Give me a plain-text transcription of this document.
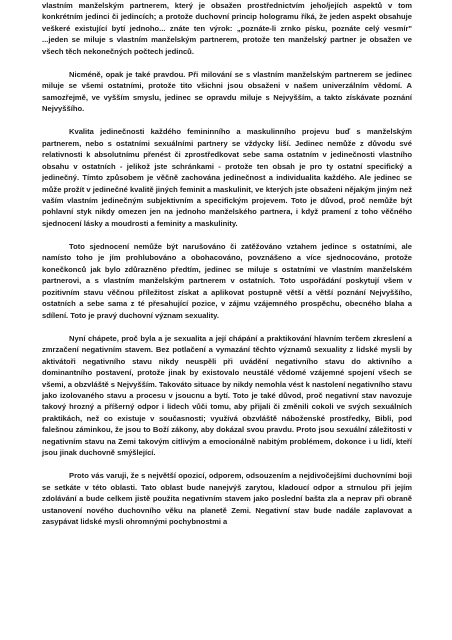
vlastním manželským partnerem, který je obsažen prostřednictvím jeho/jejích aspektů v tom konkrétním jedinci či jedincích; a protože duchovní princip hologramu říká, že jeden aspekt obsahuje veškeré existující bytí jednoho... znáte ten výrok: „poznáte-li zrnko písku, poznáte celý vesmír" ...jeden se miluje s vlastním manželským partnerem, protože ten manželský partner je obsažen ve všech těch nekonečných počtech jedinců.

Nicméně, opak je také pravdou. Při milování se s vlastním manželským partnerem se jedinec miluje se všemi ostatními, protože tito všichni jsou obsaženi v našem univerzálním vědomí. A samozřejmě, ve vyšším smyslu, jedinec se opravdu miluje s Nejvyšším, a takto získávate poznání Nejvyššího.

Kvalita jedinečnosti každého femininního a maskulinního projevu buď s manželským partnerem, nebo s ostatními sexuálními partnery se vždycky liší. Jedinec nemůže z důvodu své relativnosti k absolutnímu přenést či zprostředkovat sebe sama ostatním v jedinečnosti vlastního obsahu v ostatních - jelikož jste schránkami - protože ten obsah je pro ty ostatní specifický a jedinečný. Tímto způsobem je věčně zachována jedinečnost a individualita každého. Ale jedinec se může prožít v jedinečné kvalitě jiných feminit a maskulinit, ve kterých jste obsaženi nějakým jiným než vaším vlastním jedinečným subjektivním a specifickým projevem. Toto je důvod, proč nemůže být pohlavní styk nikdy omezen jen na jednoho manželského partnera, i když pramení z toho věčného sjednocení lásky a moudrosti a feminity a maskulinity.

Toto sjednocení nemůže být narušováno či zatěžováno vztahem jedince s ostatními, ale namísto toho je jím prohlubováno a obohacováno, povznášeno a více sjednocováno, protože konečkonců jak bylo zdůrazněno předtím, jedinec se miluje s ostatními ve vlastním manželském partnerovi, a s vlastním manželským partnerem v ostatních. Toto uspořádání poskytují všem v pozitivním stavu věčnou příležitost získat a aplikovat postupně větší a větší poznání Nejvyššího, ostatních a sebe sama z té přesahující pozice, v zájmu vzájemného prospěchu, obecného blaha a sdílení. Toto je pravý duchovní význam sexuality.

Nyní chápete, proč byla a je sexualita a její chápání a praktikování hlavním terčem zkreslení a zmrzačení negativním stavem. Bez potlačení a vymazání těchto významů sexuality z lidské mysli by aktivátoři negativního stavu nikdy neuspěli při uvádění negativního stavu do aktivního a dominantního postavení, protože jinak by existovalo neustálé vědomé vzájemné spojení všech se všemi, a obzvláště s Nejvyšším. Takováto situace by nikdy nemohla vést k nastolení negativního stavu jako izolovaného stavu a procesu v jsoucnu a bytí. Toto je také důvod, proč negativní stav navozuje takový hrozný a příšerný odpor i lidech vůči tomu, aby přijali či změnili cokoli ve svých sexuálních praktikách, než co existuje v současnosti; využívá obzvláště náboženské prostředky, Bibli, pod falešnou záminkou, že jsou to Boží zákony, aby dokázal svou pravdu. Proto jsou sexuální záležitosti v negativním stavu na Zemi takovým citlivým a emocionálně nabitým problémem, dokonce i u lidí, kteří jsou jinak duchovně smýšlející.

Proto vás varuji, že s největší opozicí, odporem, odsouzením a nejdivočejšími duchovními boji se setkáte v této oblasti. Tato oblast bude nanejvýš zarytou, kladoucí odpor a strnulou při jejím zdolávání a bude celkem jistě použita negativním stavem jako poslední bašta zla a neprav při obraně ustanovení nového duchovního věku na planetě Zemi. Negativní stav bude nadále zaplavovat a zasypávat lidské mysli ohromnými pochybnostmi a
